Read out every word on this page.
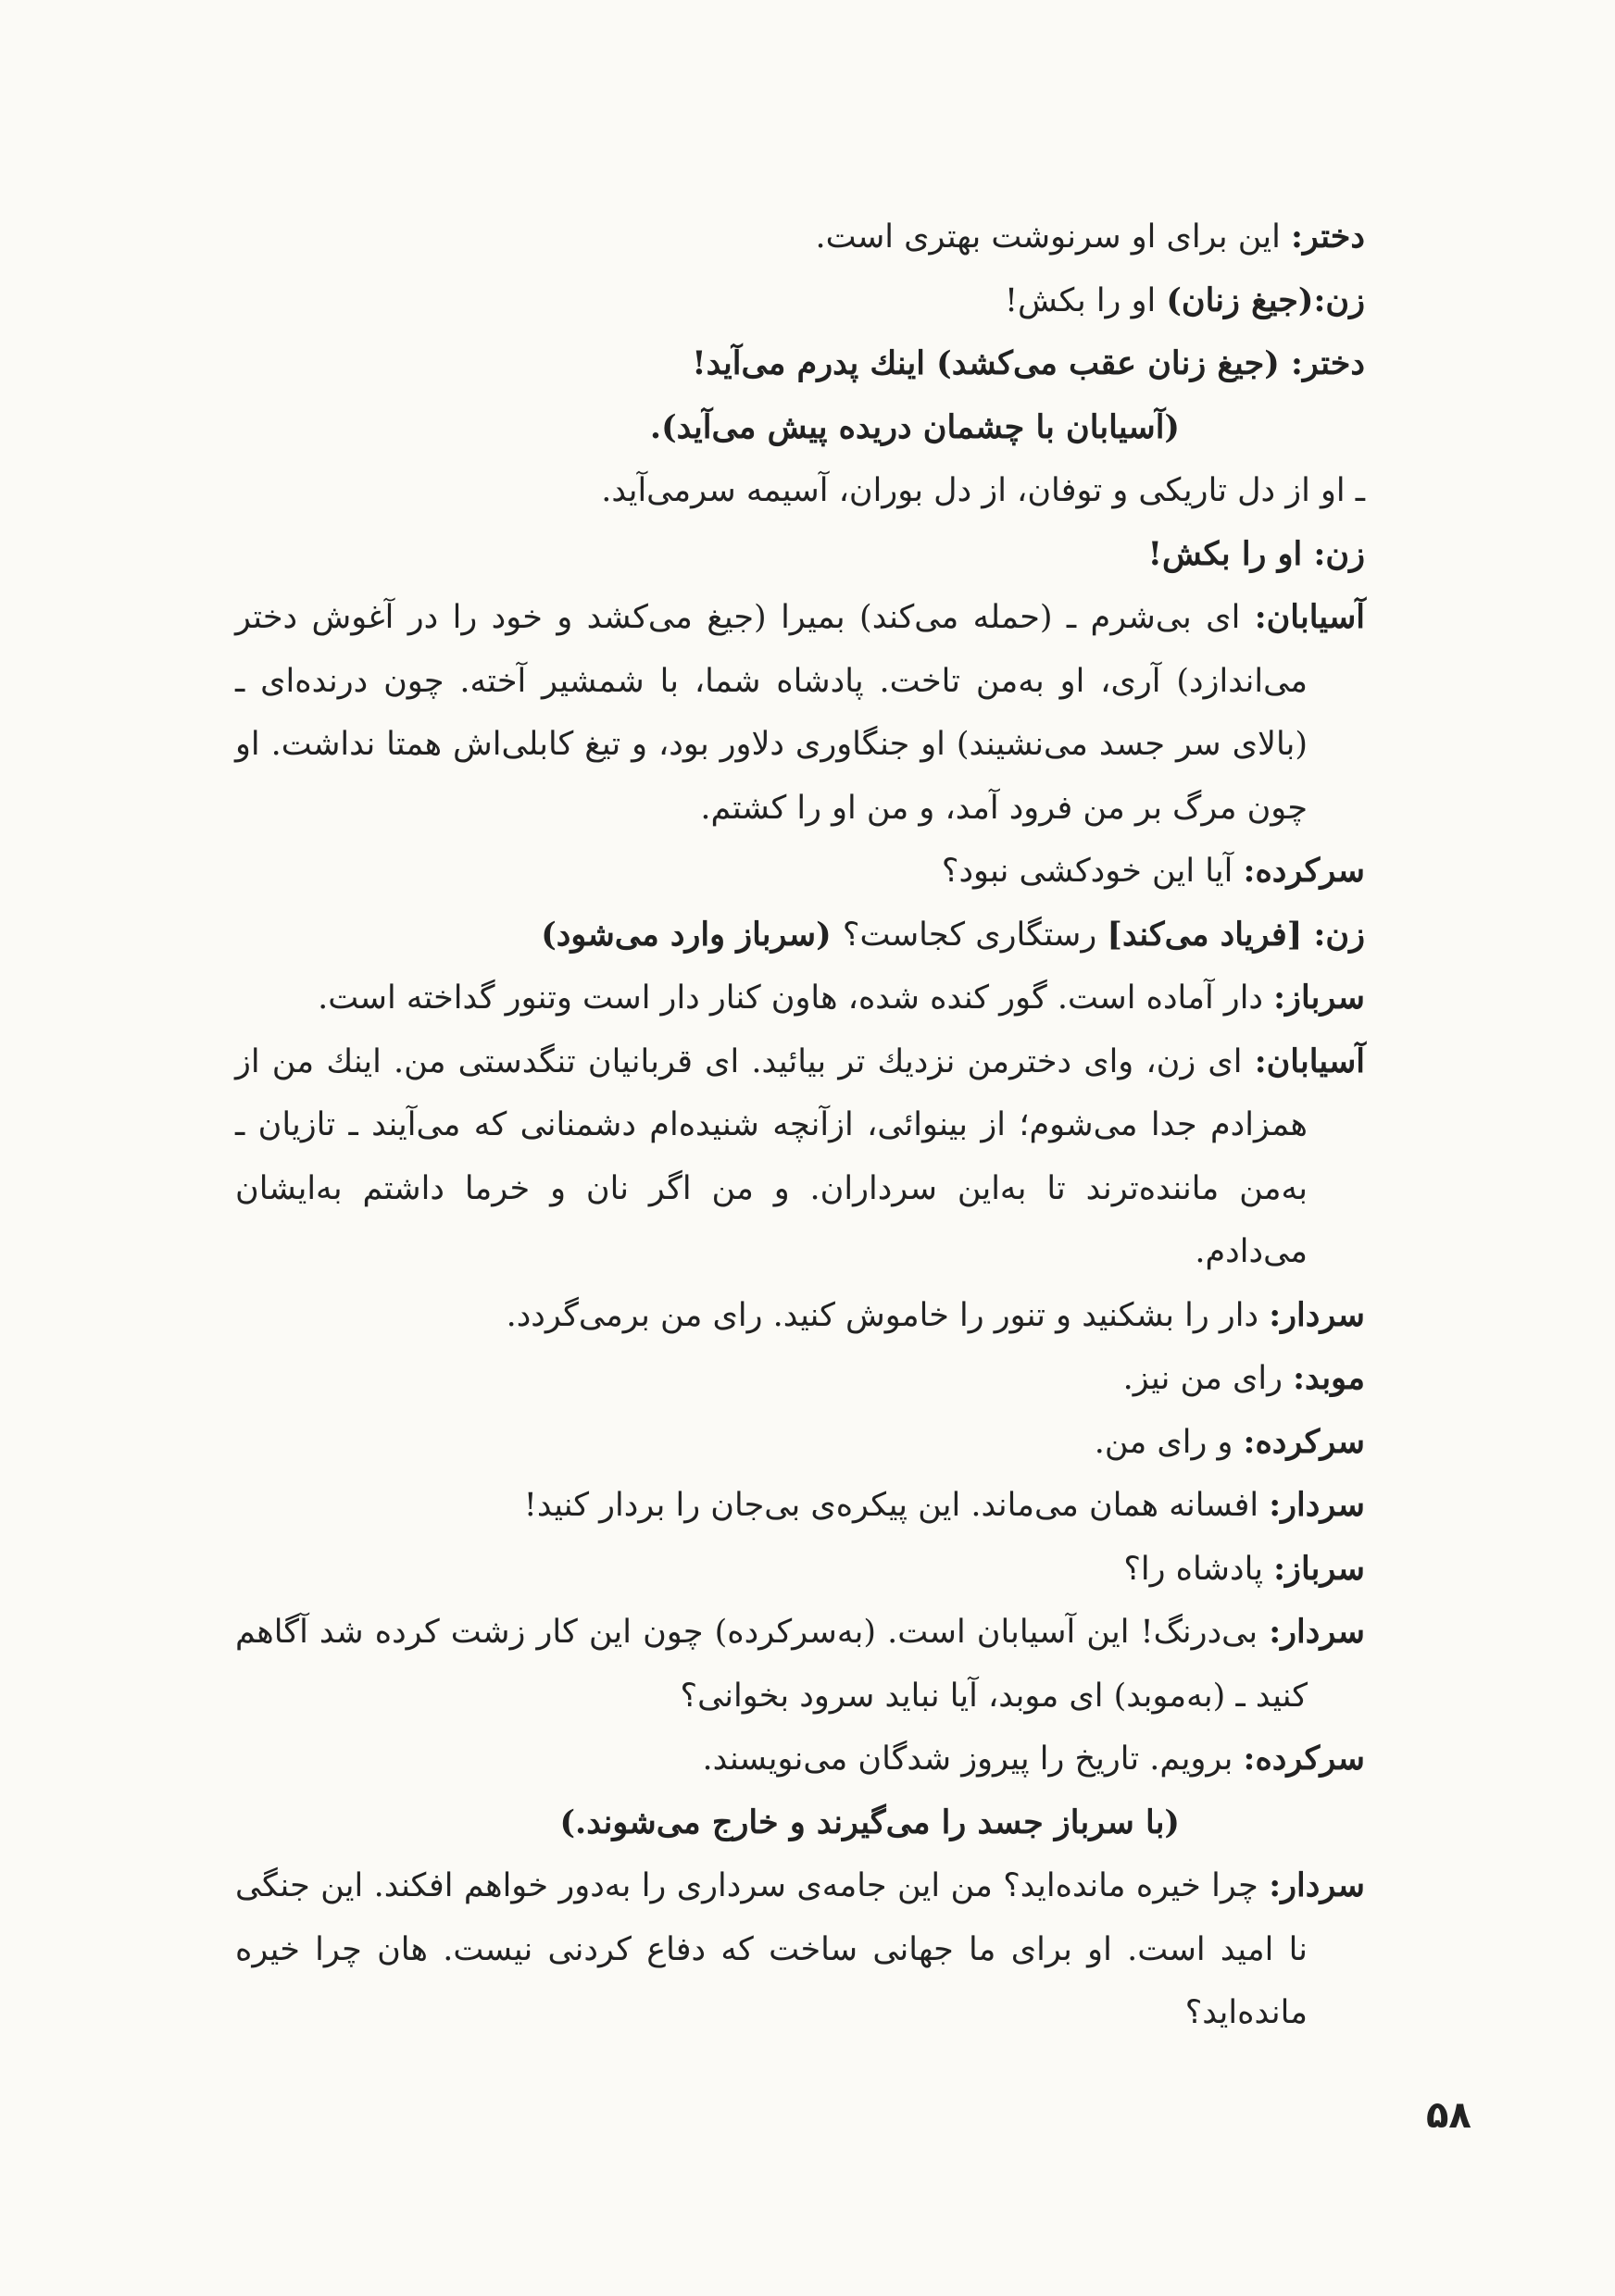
دختر: این برای او سرنوشت بهتری است.

زن:(جیغ زنان) او را بکش!

دختر: (جیغ زنان عقب می‌کشد) اینك پدرم می‌آید!

(آسیابان با چشمان دریده پیش می‌آید).

ـ او از دل تاریکی و توفان، از دل بوران، آسیمه سرمی‌آید.

زن: او را بکش!

آسیابان: ای بی‌شرم ـ (حمله می‌کند) بمیرا (جیغ می‌کشد و خود را در آغوش دختر می‌اندازد) آری، او به‌من تاخت. پادشاه شما، با شمشیر آخته. چون درنده‌ای ـ (بالای سر جسد می‌نشیند) او جنگاوری دلاور بود، و تیغ کابلی‌اش همتا نداشت. او چون مرگ بر من فرود آمد، و من او را کشتم.

سرکرده: آیا این خودکشی نبود؟

زن: [فریاد می‌کند] رستگاری کجاست؟ (سرباز وارد می‌شود)

سرباز: دار آماده است. گور کنده شده، هاون کنار دار است وتنور گداخته است.

آسیابان: ای زن، وای دخترمن نزدیك تر بیائید. ای قربانیان تنگدستی من. اینك من از همزادم جدا می‌شوم؛ از بینوائی، ازآنچه شنیده‌ام دشمنانی که می‌آیند ـ تازیان ـ به‌من ماننده‌ترند تا به‌این سرداران. و من اگر نان و خرما داشتم به‌ایشان می‌دادم.

سردار: دار را بشکنید و تنور را خاموش کنید. رای من برمی‌گردد.

موبد: رای من نیز.

سرکرده: و رای من.

سردار: افسانه همان می‌ماند. این پیکره‌ی بی‌جان را بردار کنید!

سرباز: پادشاه را؟

سردار: بی‌درنگ! این آسیابان است. (به‌سرکرده) چون این کار زشت کرده شد آگاهم کنید ـ (به‌موبد) ای موبد، آیا نباید سرود بخوانی؟

سرکرده: برویم. تاریخ را پیروز شدگان می‌نویسند.

(با سرباز جسد را می‌گیرند و خارج می‌شوند.)

سردار: چرا خیره مانده‌اید؟ من این جامه‌ی سرداری را به‌دور خواهم افکند. این جنگی نا امید است. او برای ما جهانی ساخت که دفاع کردنی نیست. هان چرا خیره مانده‌اید؟

۵۸
